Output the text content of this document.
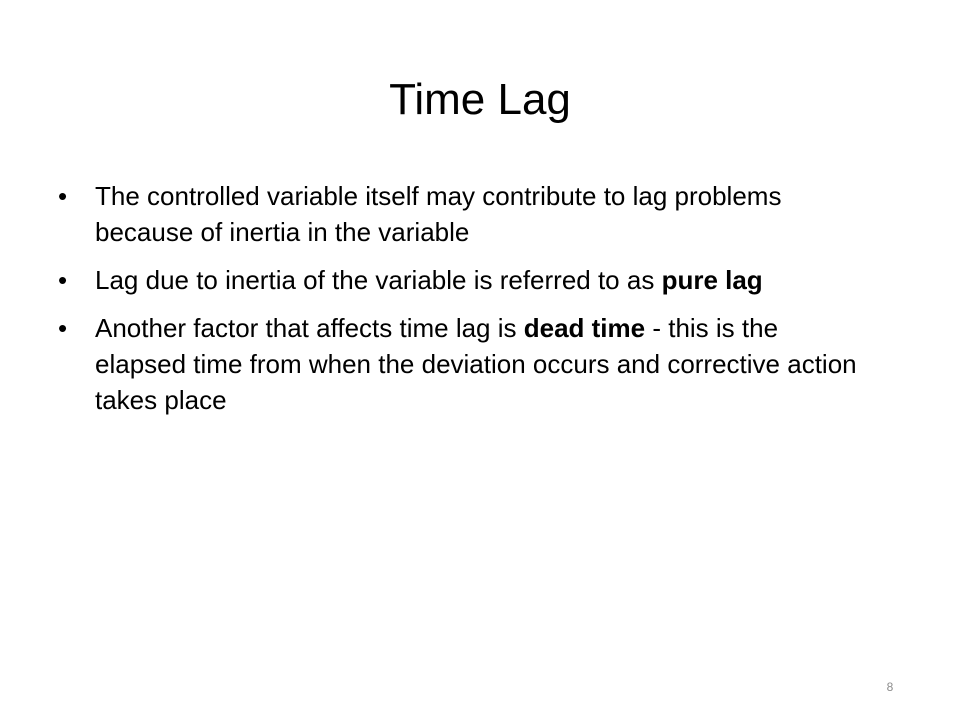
Time Lag
•	The controlled variable itself may contribute to lag problems because of inertia in the variable
•	Lag due to inertia of the variable is referred to as pure lag
•	Another factor that affects time lag is dead time - this is the elapsed time from when the deviation occurs and corrective action takes place
8
